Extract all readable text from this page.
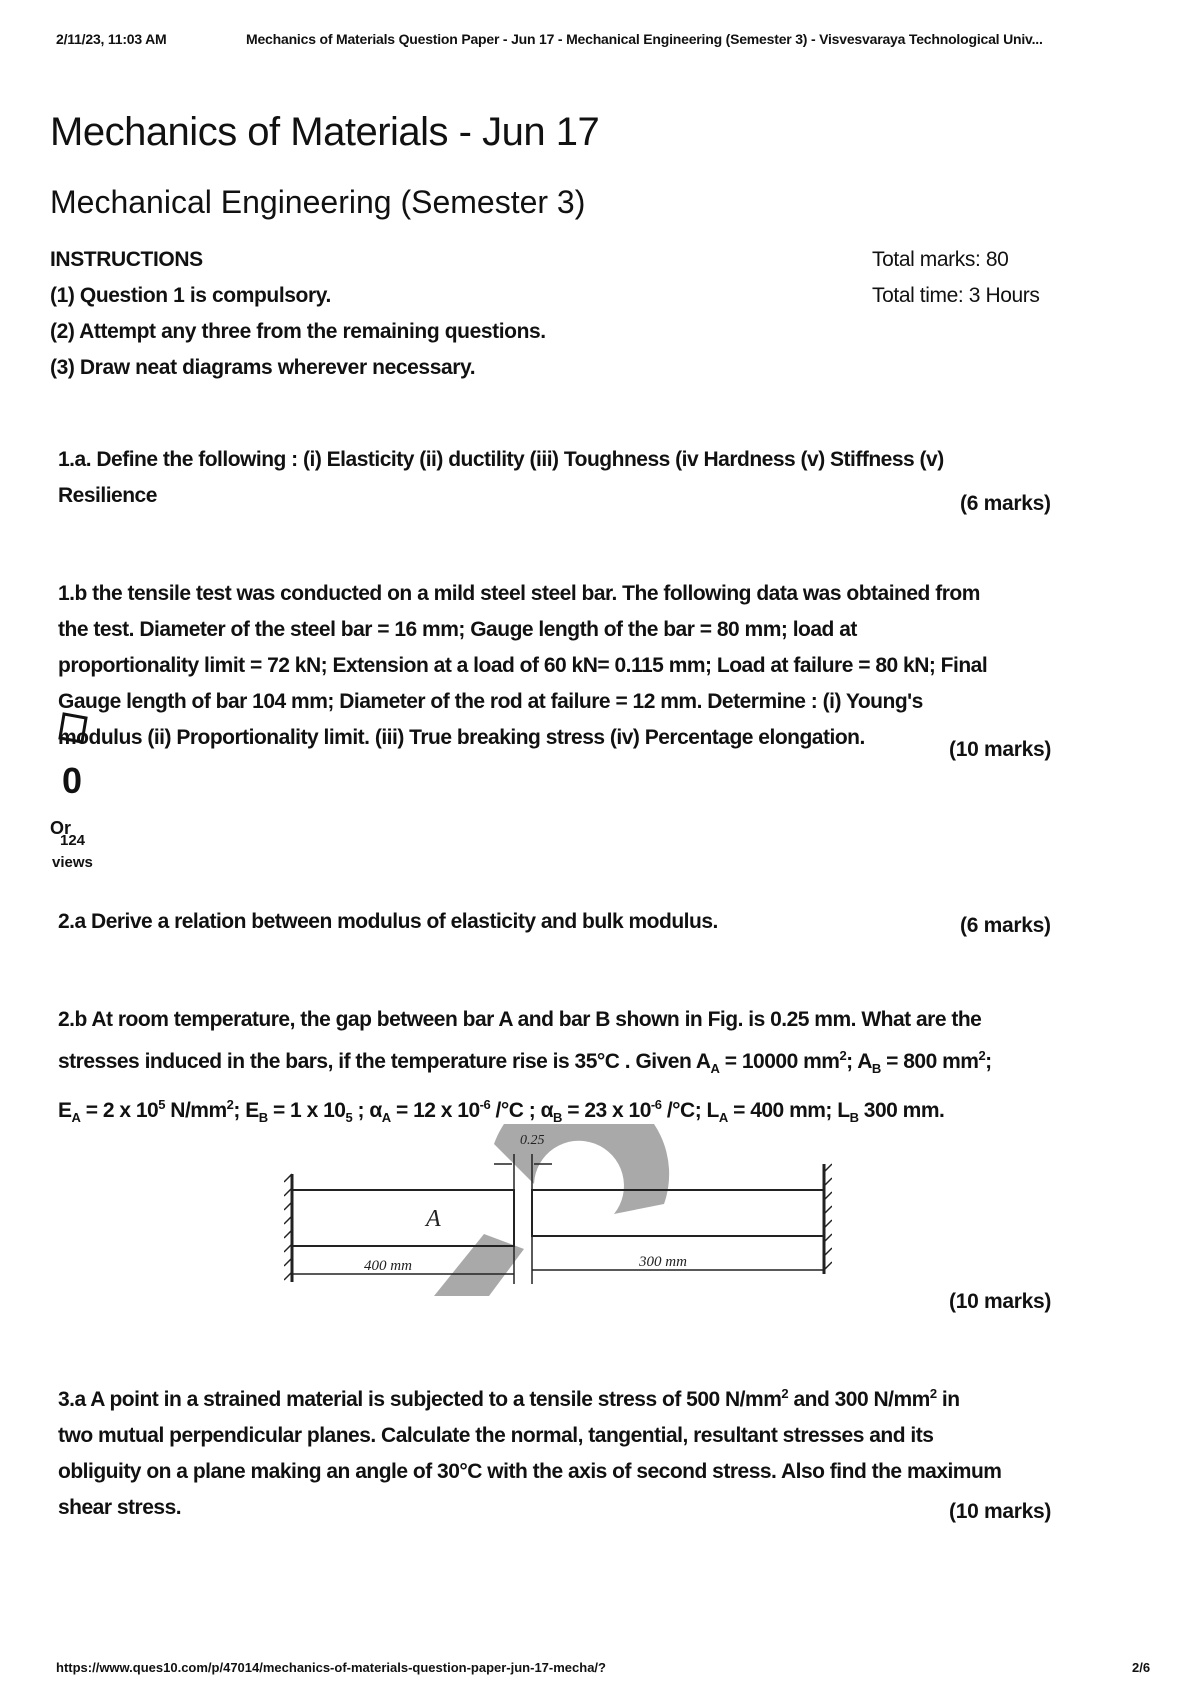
2/11/23, 11:03 AM	Mechanics of Materials Question Paper - Jun 17 - Mechanical Engineering (Semester 3) - Visvesvaraya Technological Univ...
Mechanics of Materials - Jun 17
Mechanical Engineering (Semester 3)
INSTRUCTIONS
(1) Question 1 is compulsory.
(2) Attempt any three from the remaining questions.
(3) Draw neat diagrams wherever necessary.
Total marks: 80
Total time: 3 Hours
1.a. Define the following : (i) Elasticity (ii) ductility (iii) Toughness (iv Hardness (v) Stiffness (v)
Resilience	(6 marks)
1.b the tensile test was conducted on a mild steel steel bar. The following data was obtained from
the test. Diameter of the steel bar = 16 mm; Gauge length of the bar = 80 mm; load at
proportionality limit = 72 kN; Extension at a load of 60 kN= 0.115 mm; Load at failure = 80 kN; Final
Gauge length of bar 104 mm; Diameter of the rod at failure = 12 mm. Determine : (i) Young's
modulus (ii) Proportionality limit. (iii) True breaking stress (iv) Percentage elongation.
(10 marks)
0
Or
124
views
2.a Derive a relation between modulus of elasticity and bulk modulus.	(6 marks)
2.b At room temperature, the gap between bar A and bar B shown in Fig. is 0.25 mm. What are the
stresses induced in the bars, if the temperature rise is 35°C . Given $A_A = 10000$ $mm^2$; $A_B = 800$ $mm^2$;
$E_A = 2$ x $10^5$ $N/mm^2$; $E_B = 1$ x $10_5$ ; $\alpha_A = 12$ x $10^{-6}$ /°C ; $\alpha_B = 23$ x $10^{-6}$ /°C; $L_A = 400$ mm; $L_B$ 300 mm.
0.25
A
400 mm	300 mm
(10 marks)
3.a A point in a strained material is subjected to a tensile stress of 500 $N/mm^2$ and 300 $N/mm^2$ in
two mutual perpendicular planes. Calculate the normal, tangential, resultant stresses and its
obliguity on a plane making an angle of 30°C with the axis of second stress. Also find the maximum
shear stress.	(10 marks)
https://www.ques10.com/p/47014/mechanics-of-materials-question-paper-jun-17-mecha/?	2/6
